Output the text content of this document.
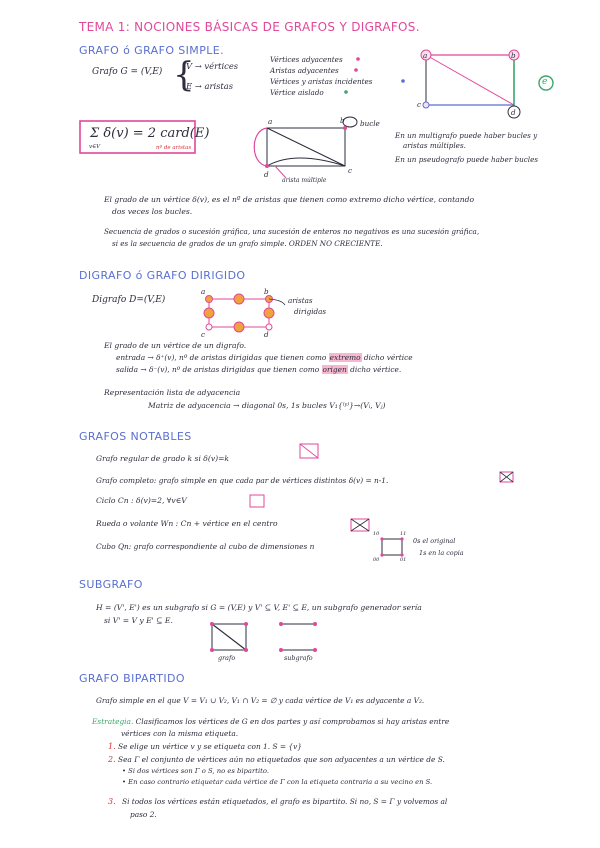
TEMA 1: NOCIONES BÁSICAS DE GRAFOS Y DIGRAFOS.
GRAFO ó GRAFO SIMPLE.
Grafo G = (V,E)
V → vértices
E → aristas
{	Vértices adyacentes
Aristas adyacentes
Vértices y aristas incidentes
Vértice aislado
a	b
c
d
e
Σ δ(v) = 2 card(E)
v∈V	nº de aristas
a	b
d	c
bucle
arista múltiple
En un multigrafo puede haber bucles y
aristas múltiples.
En un pseudografo puede haber bucles
El grado de un vértice δ(v), es el nº de aristas que tienen como extremo dicho vértice, contando
dos veces los bucles.
Secuencia de grados o sucesión gráfica, una sucesión de enteros no negativos es una sucesión gráfica,
si es la secuencia de grados de un grafo simple. ORDEN NO CRECIENTE.
DIGRAFO ó GRAFO DIRIGIDO
Digrafo D=(V,E)
a	b
c	d
aristas
dirigidas
El grado de un vértice de un digrafo.
entrada → δ⁺(v), nº de aristas dirigidas que tienen como extremo dicho vértice
salida → δ⁻(v), nº de aristas dirigidas que tienen como origen dicho vértice.
Representación lista de adyacencia
Matriz de adyacencia → diagonal 0s, 1s bucles V₁{⁽ʸ⁾}→(Vᵢ, Vⱼ)
GRAFOS NOTABLES
Grafo regular de grado k si δ(v)=k
Grafo completo: grafo simple en que cada par de vértices distintos δ(v) = n-1.
Ciclo Cn : δ(v)=2, ∀v∈V
Rueda o volante Wn : Cn + vértice en el centro
Cubo Qn: grafo correspondiente al cubo de dimensiones n
0s el original
1s en la copia
10	11
00	01
SUBGRAFO
H = (V', E') es un subgrafo si G = (V,E) y V' ⊆ V, E' ⊆ E, un subgrafo generador sería
si V' = V y E' ⊆ E.
grafo	subgrafo
GRAFO BIPARTIDO
Grafo simple en el que V = V₁ ∪ V₂, V₁ ∩ V₂ = ∅ y cada vértice de V₁ es adyacente a V₂.
Estrategia. Clasificamos los vértices de G en dos partes y así comprobamos si hay aristas entre
vértices con la misma etiqueta.
1. Se elige un vértice v y se etiqueta con 1. S = {v}
2. Sea Γ el conjunto de vértices aún no etiquetados que son adyacentes a un vértice de S.
• Si dos vértices son Γ o S, no es bipartito.
• En caso contrario etiquetar cada vértice de Γ con la etiqueta contraria a su vecino en S.
3. Si todos los vértices están etiquetados, el grafo es bipartito. Si no, S = Γ y volvemos al
paso 2.
